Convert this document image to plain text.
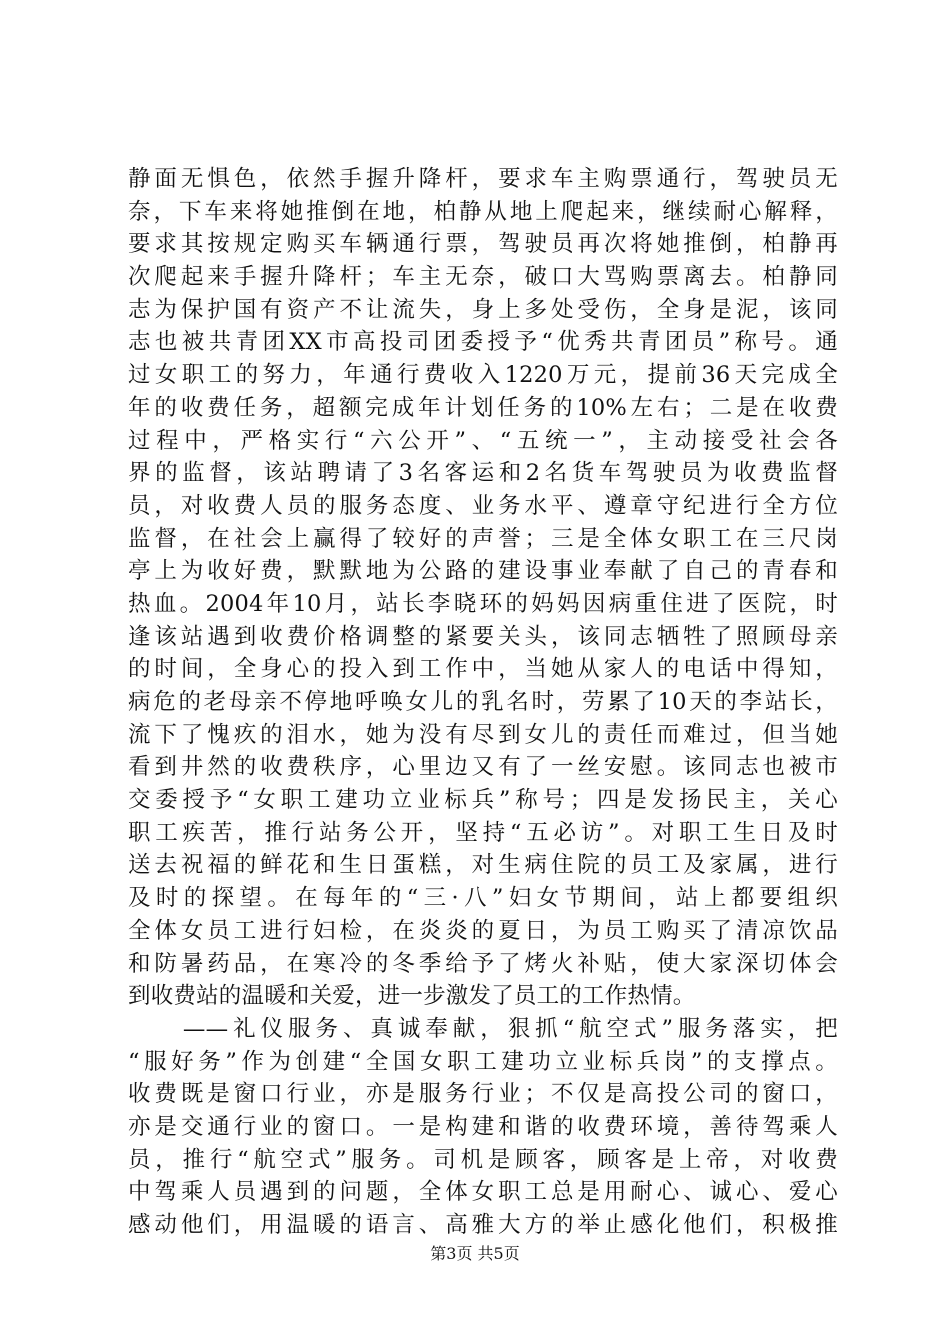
静面无惧色，依然手握升降杆，要求车主购票通行，驾驶员无
奈，下车来将她推倒在地，柏静从地上爬起来，继续耐心解释，
要求其按规定购买车辆通行票，驾驶员再次将她推倒，柏静再
次爬起来手握升降杆；车主无奈，破口大骂购票离去。柏静同
志为保护国有资产不让流失，身上多处受伤，全身是泥，该同
志也被共青团XX市高投司团委授予“优秀共青团员”称号。通
过女职工的努力，年通行费收入1220万元，提前36天完成全
年的收费任务，超额完成年计划任务的10%左右；二是在收费
过程中，严格实行“六公开”、“五统一”，主动接受社会各
界的监督，该站聘请了3名客运和2名货车驾驶员为收费监督
员，对收费人员的服务态度、业务水平、遵章守纪进行全方位
监督，在社会上赢得了较好的声誉；三是全体女职工在三尺岗
亭上为收好费，默默地为公路的建设事业奉献了自己的青春和
热血。2004年10月，站长李晓环的妈妈因病重住进了医院，时
逢该站遇到收费价格调整的紧要关头，该同志牺牲了照顾母亲
的时间，全身心的投入到工作中，当她从家人的电话中得知，
病危的老母亲不停地呼唤女儿的乳名时，劳累了10天的李站长，
流下了愧疚的泪水，她为没有尽到女儿的责任而难过，但当她
看到井然的收费秩序，心里边又有了一丝安慰。该同志也被市
交委授予“女职工建功立业标兵”称号；四是发扬民主，关心
职工疾苦，推行站务公开，坚持“五必访”。对职工生日及时
送去祝福的鲜花和生日蛋糕，对生病住院的员工及家属，进行
及时的探望。在每年的“三·八”妇女节期间，站上都要组织
全体女员工进行妇检，在炎炎的夏日，为员工购买了清凉饮品
和防暑药品，在寒冷的冬季给予了烤火补贴，使大家深切体会
到收费站的温暖和关爱，进一步激发了员工的工作热情。
　　——礼仪服务、真诚奉献，狠抓“航空式”服务落实，把
“服好务”作为创建“全国女职工建功立业标兵岗”的支撑点。
收费既是窗口行业，亦是服务行业；不仅是高投公司的窗口，
亦是交通行业的窗口。一是构建和谐的收费环境，善待驾乘人
员，推行“航空式”服务。司机是顾客，顾客是上帝，对收费
中驾乘人员遇到的问题，全体女职工总是用耐心、诚心、爱心
感动他们，用温暖的语言、高雅大方的举止感化他们，积极推
第3页 共5页
